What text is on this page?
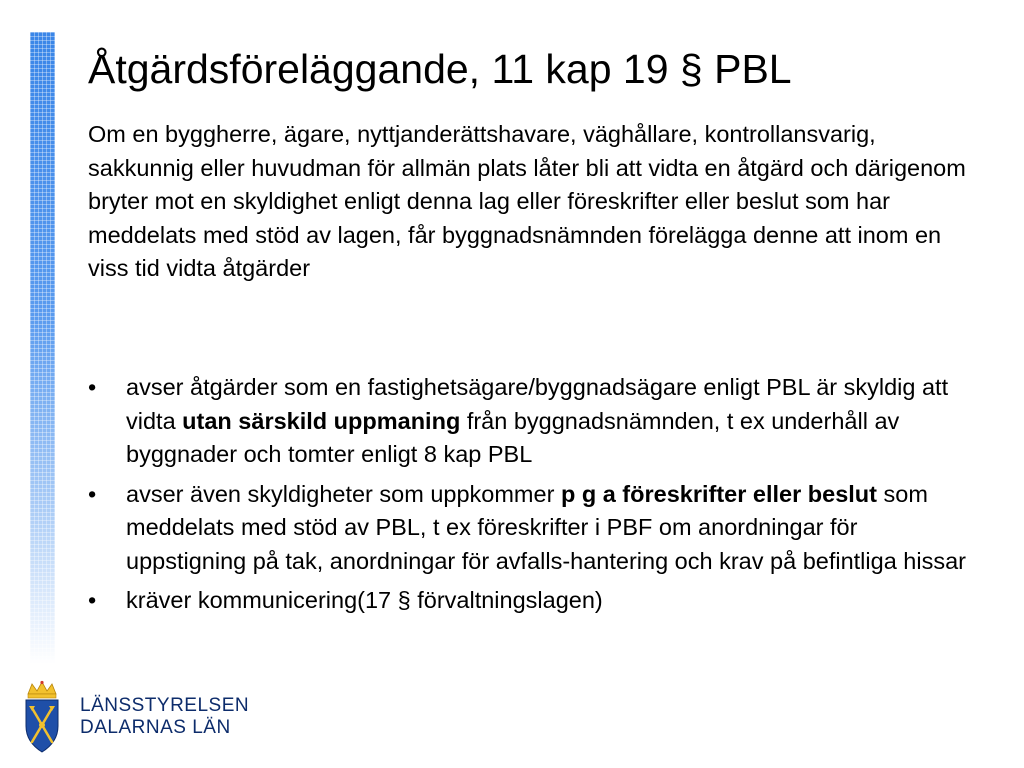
Åtgärdsföreläggande, 11 kap 19 § PBL

Om en byggherre, ägare, nyttjanderättshavare, väghållare, kontrollansvarig, sakkunnig eller huvudman för allmän plats låter bli att vidta en åtgärd och därigenom bryter mot en skyldighet enligt denna lag eller föreskrifter eller beslut som har meddelats med stöd av lagen, får byggnadsnämnden förelägga denne att inom en viss tid vidta åtgärder

• avser åtgärder som en fastighetsägare/byggnadsägare enligt PBL är skyldig att vidta utan särskild uppmaning från byggnadsnämnden, t ex underhåll av byggnader och tomter enligt 8 kap PBL
• avser även skyldigheter som uppkommer p g a föreskrifter eller beslut som meddelats med stöd av PBL, t ex föreskrifter i PBF om anordningar för uppstigning på tak, anordningar för avfalls-hantering och krav på befintliga hissar
• kräver kommunicering(17 § förvaltningslagen)
LÄNSSTYRELSEN
DALARNAS LÄN
